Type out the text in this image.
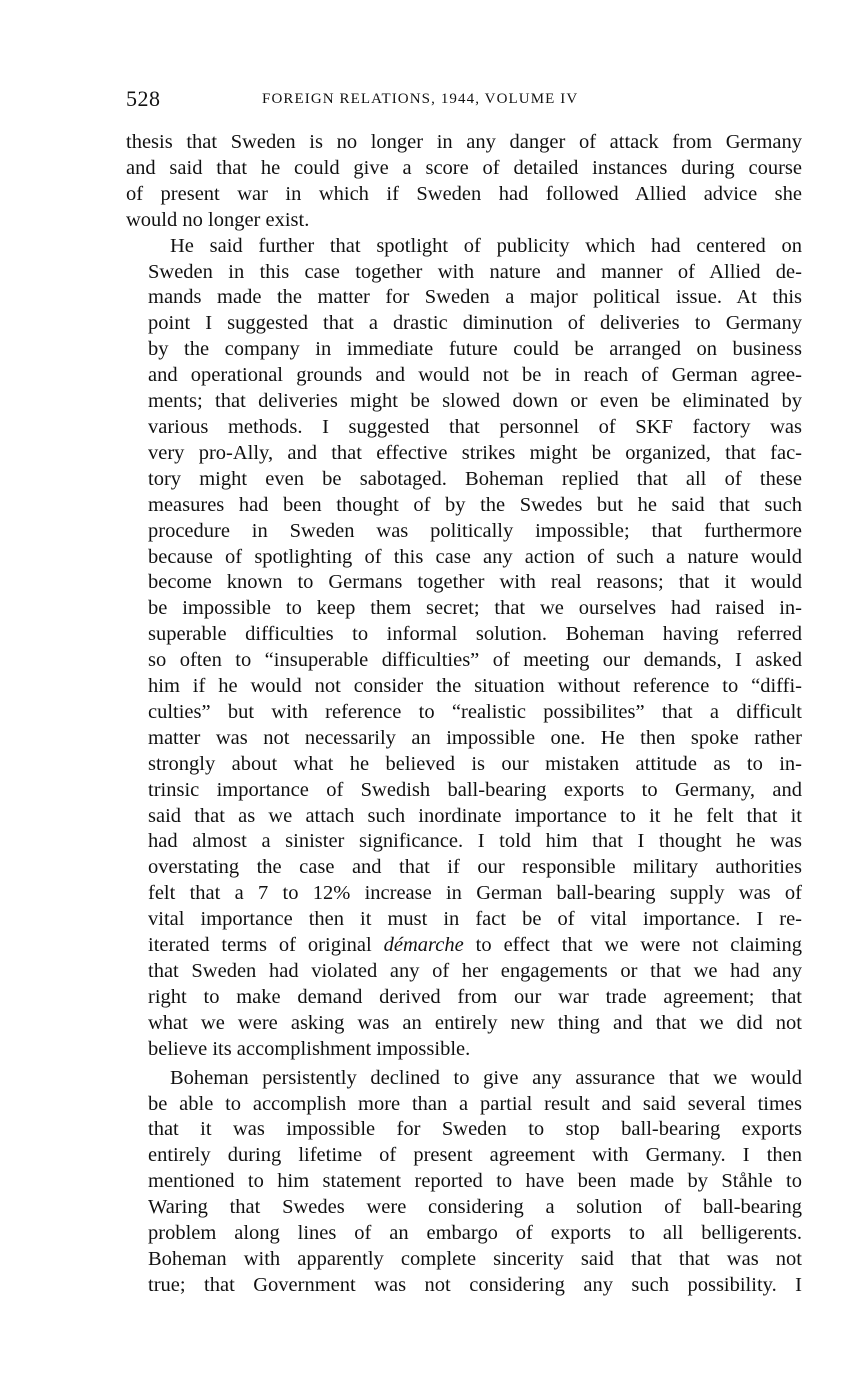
528	FOREIGN RELATIONS, 1944, VOLUME IV

thesis that Sweden is no longer in any danger of attack from Germany
and said that he could give a score of detailed instances during course
of present war in which if Sweden had followed Allied advice she
would no longer exist.

He said further that spotlight of publicity which had centered on
Sweden in this case together with nature and manner of Allied de-
mands made the matter for Sweden a major political issue. At this
point I suggested that a drastic diminution of deliveries to Germany
by the company in immediate future could be arranged on business
and operational grounds and would not be in reach of German agree-
ments; that deliveries might be slowed down or even be eliminated by
various methods. I suggested that personnel of SKF factory was
very pro-Ally, and that effective strikes might be organized, that fac-
tory might even be sabotaged. Boheman replied that all of these
measures had been thought of by the Swedes but he said that such
procedure in Sweden was politically impossible; that furthermore
because of spotlighting of this case any action of such a nature would
become known to Germans together with real reasons; that it would
be impossible to keep them secret; that we ourselves had raised in-
superable difficulties to informal solution. Boheman having referred
so often to “insuperable difficulties” of meeting our demands, I asked
him if he would not consider the situation without reference to “diffi-
culties” but with reference to “realistic possibilites” that a difficult
matter was not necessarily an impossible one. He then spoke rather
strongly about what he believed is our mistaken attitude as to in-
trinsic importance of Swedish ball-bearing exports to Germany, and
said that as we attach such inordinate importance to it he felt that it
had almost a sinister significance. I told him that I thought he was
overstating the case and that if our responsible military authorities
felt that a 7 to 12% increase in German ball-bearing supply was of
vital importance then it must in fact be of vital importance. I re-
iterated terms of original démarche to effect that we were not claiming
that Sweden had violated any of her engagements or that we had any
right to make demand derived from our war trade agreement; that
what we were asking was an entirely new thing and that we did not
believe its accomplishment impossible.

Boheman persistently declined to give any assurance that we would
be able to accomplish more than a partial result and said several times
that it was impossible for Sweden to stop ball-bearing exports
entirely during lifetime of present agreement with Germany. I then
mentioned to him statement reported to have been made by Ståhle to
Waring that Swedes were considering a solution of ball-bearing
problem along lines of an embargo of exports to all belligerents.
Boheman with apparently complete sincerity said that that was not
true; that Government was not considering any such possibility. I
